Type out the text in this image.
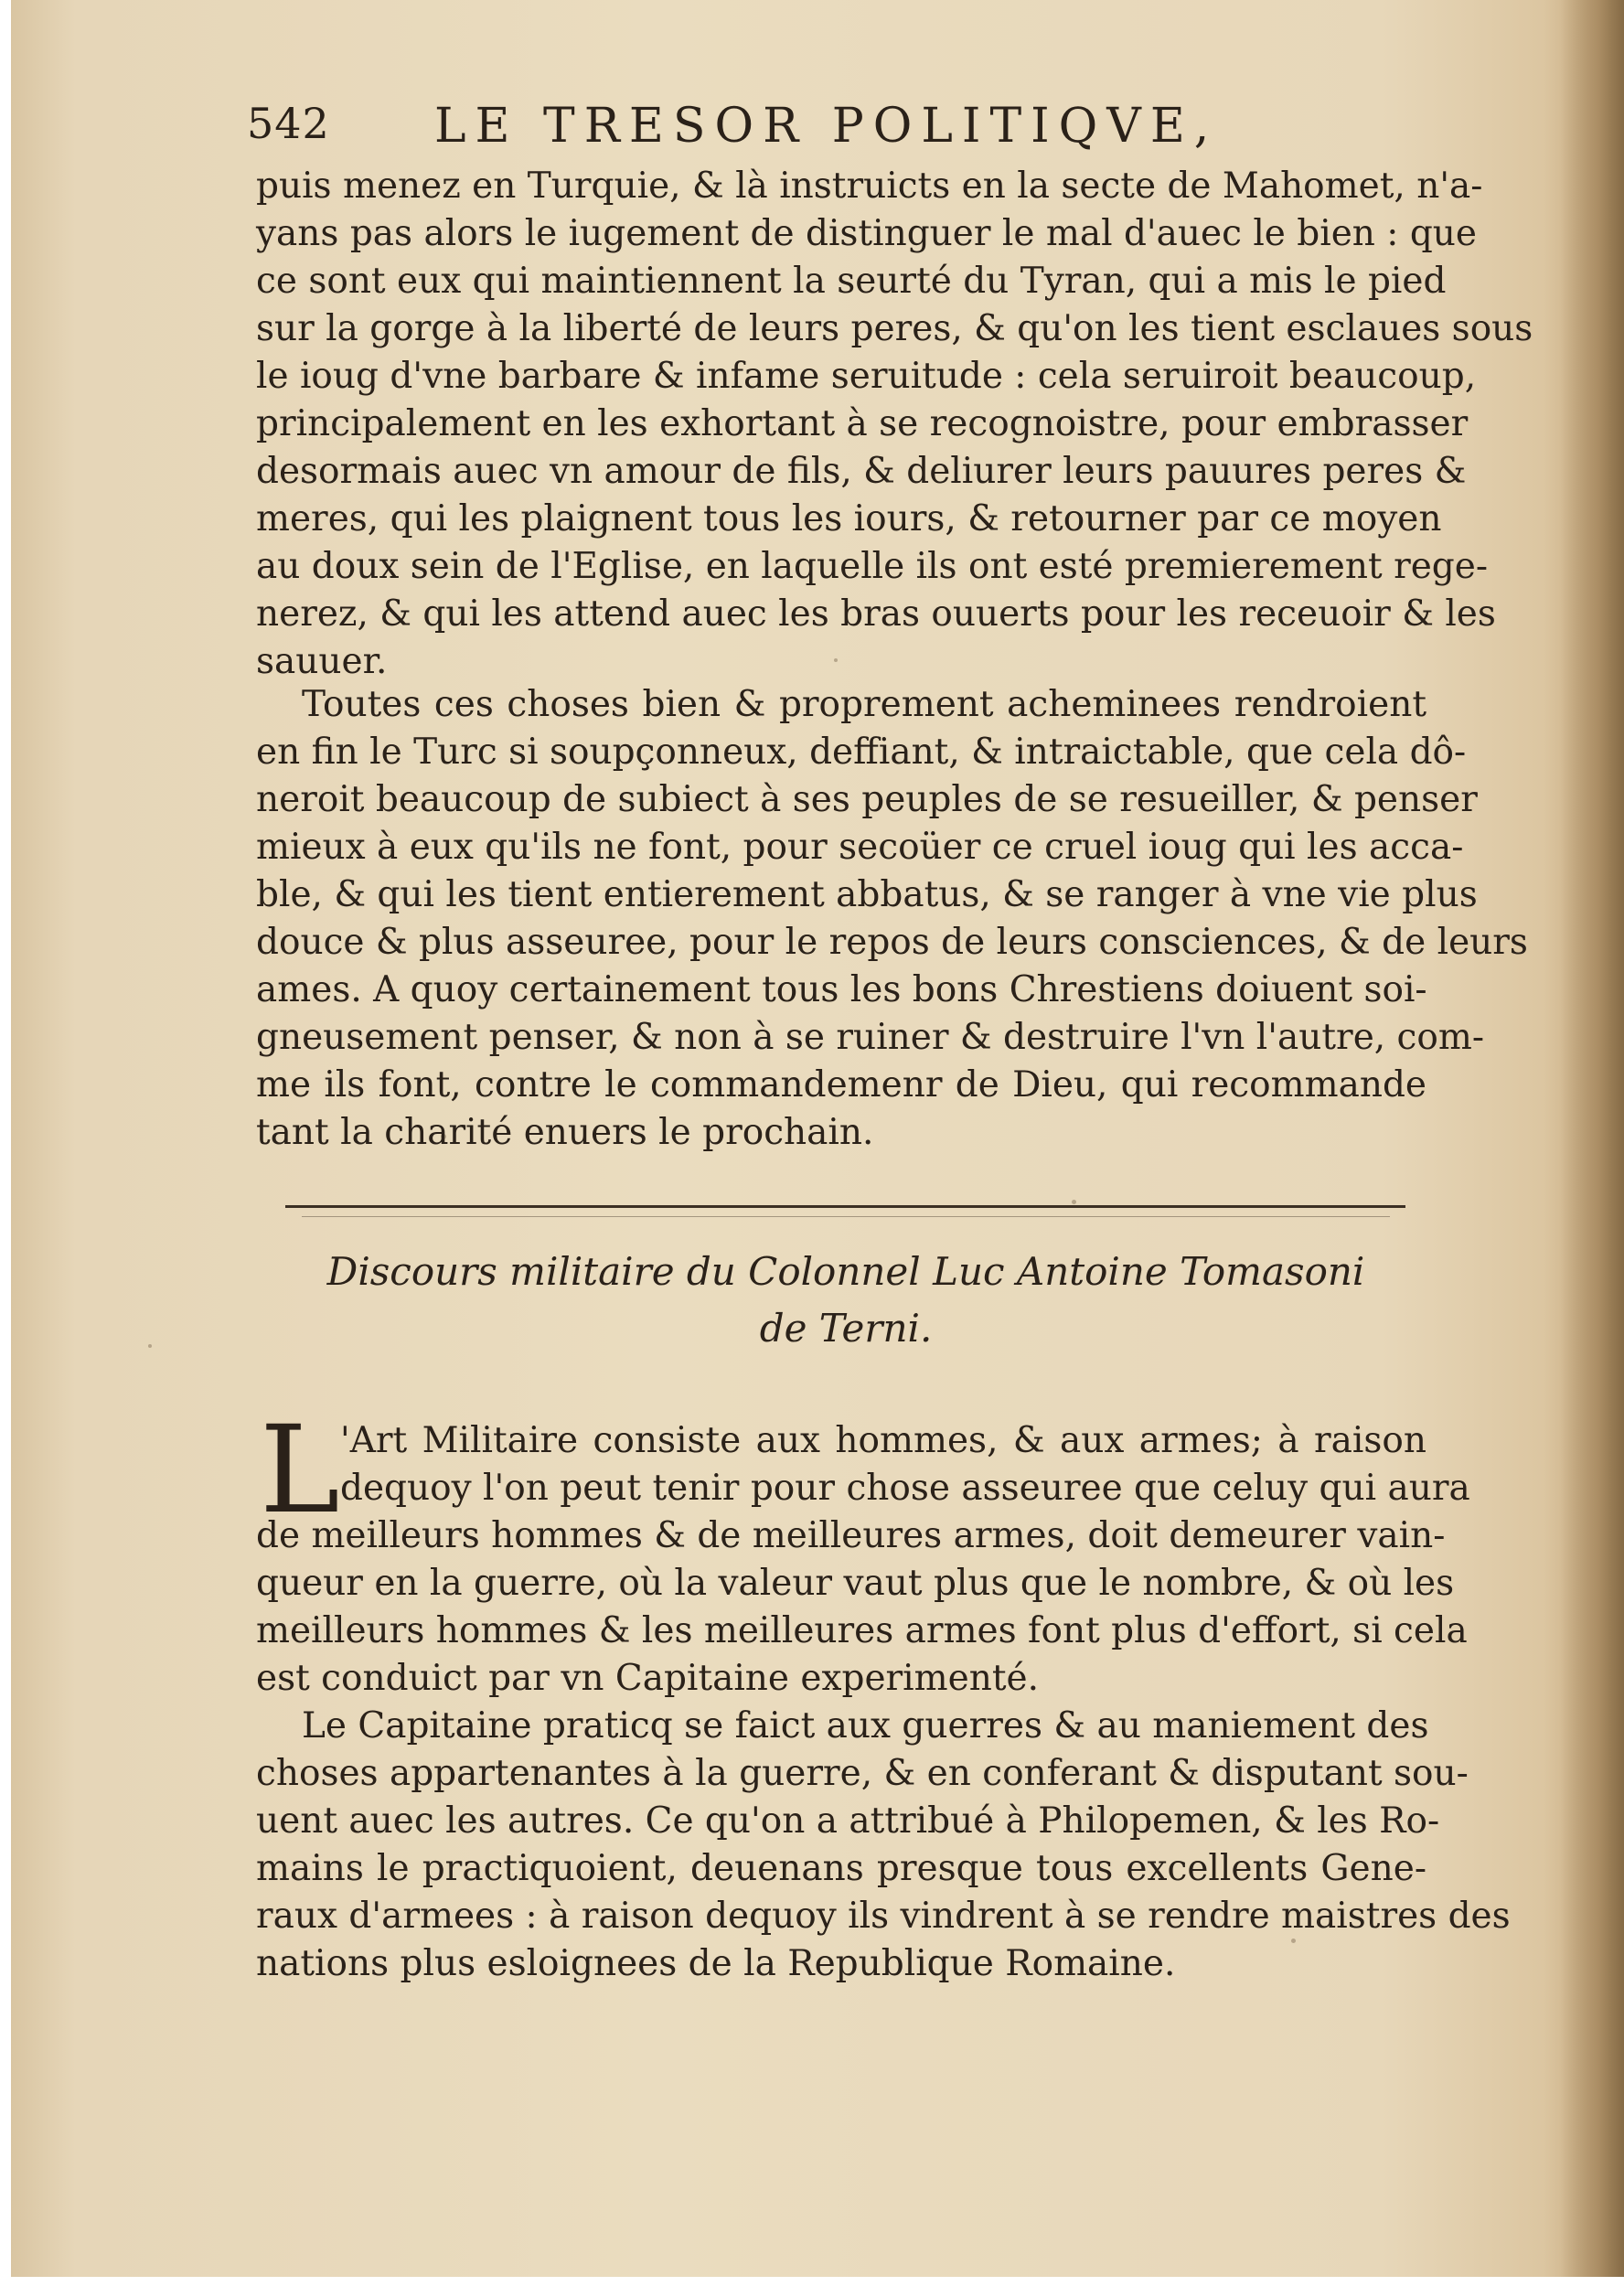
542 LE TRESOR POLITIQVE,
puis menez en Turquie, & là instruicts en la secte de Mahomet, n'a-
yans pas alors le iugement de distinguer le mal d'auec le bien : que
ce sont eux qui maintiennent la seurté du Tyran, qui a mis le pied
sur la gorge à la liberté de leurs peres, & qu'on les tient esclaues sous
le ioug d'vne barbare & infame seruitude : cela seruiroit beaucoup,
principalement en les exhortant à se recognoistre, pour embrasser
desormais auec vn amour de fils, & deliurer leurs pauures peres &
meres, qui les plaignent tous les iours, & retourner par ce moyen
au doux sein de l'Eglise, en laquelle ils ont esté premierement rege-
nerez, & qui les attend auec les bras ouuerts pour les receuoir & les
sauuer.
Toutes ces choses bien & proprement acheminees rendroient
en fin le Turc si soupçonneux, deffiant, & intraictable, que cela dô-
neroit beaucoup de subiect à ses peuples de se resueiller, & penser
mieux à eux qu'ils ne font, pour secoüer ce cruel ioug qui les acca-
ble, & qui les tient entierement abbatus, & se ranger à vne vie plus
douce & plus asseuree, pour le repos de leurs consciences, & de leurs
ames. A quoy certainement tous les bons Chrestiens doiuent soi-
gneusement penser, & non à se ruiner & destruire l'vn l'autre, com-
me ils font, contre le commandemenr de Dieu, qui recommande
tant la charité enuers le prochain.
Discours militaire du Colonnel Luc Antoine Tomasoni
de Terni.
L 'Art Militaire consiste aux hommes, & aux armes; à raison
dequoy l'on peut tenir pour chose asseuree que celuy qui aura
de meilleurs hommes & de meilleures armes, doit demeurer vain-
queur en la guerre, où la valeur vaut plus que le nombre, & où les
meilleurs hommes & les meilleures armes font plus d'effort, si cela
est conduict par vn Capitaine experimenté.
Le Capitaine praticq se faict aux guerres & au maniement des
choses appartenantes à la guerre, & en conferant & disputant sou-
uent auec les autres. Ce qu'on a attribué à Philopemen, & les Ro-
mains le practiquoient, deuenans presque tous excellents Gene-
raux d'armees : à raison dequoy ils vindrent à se rendre maistres des
nations plus esloignees de la Republique Romaine.
